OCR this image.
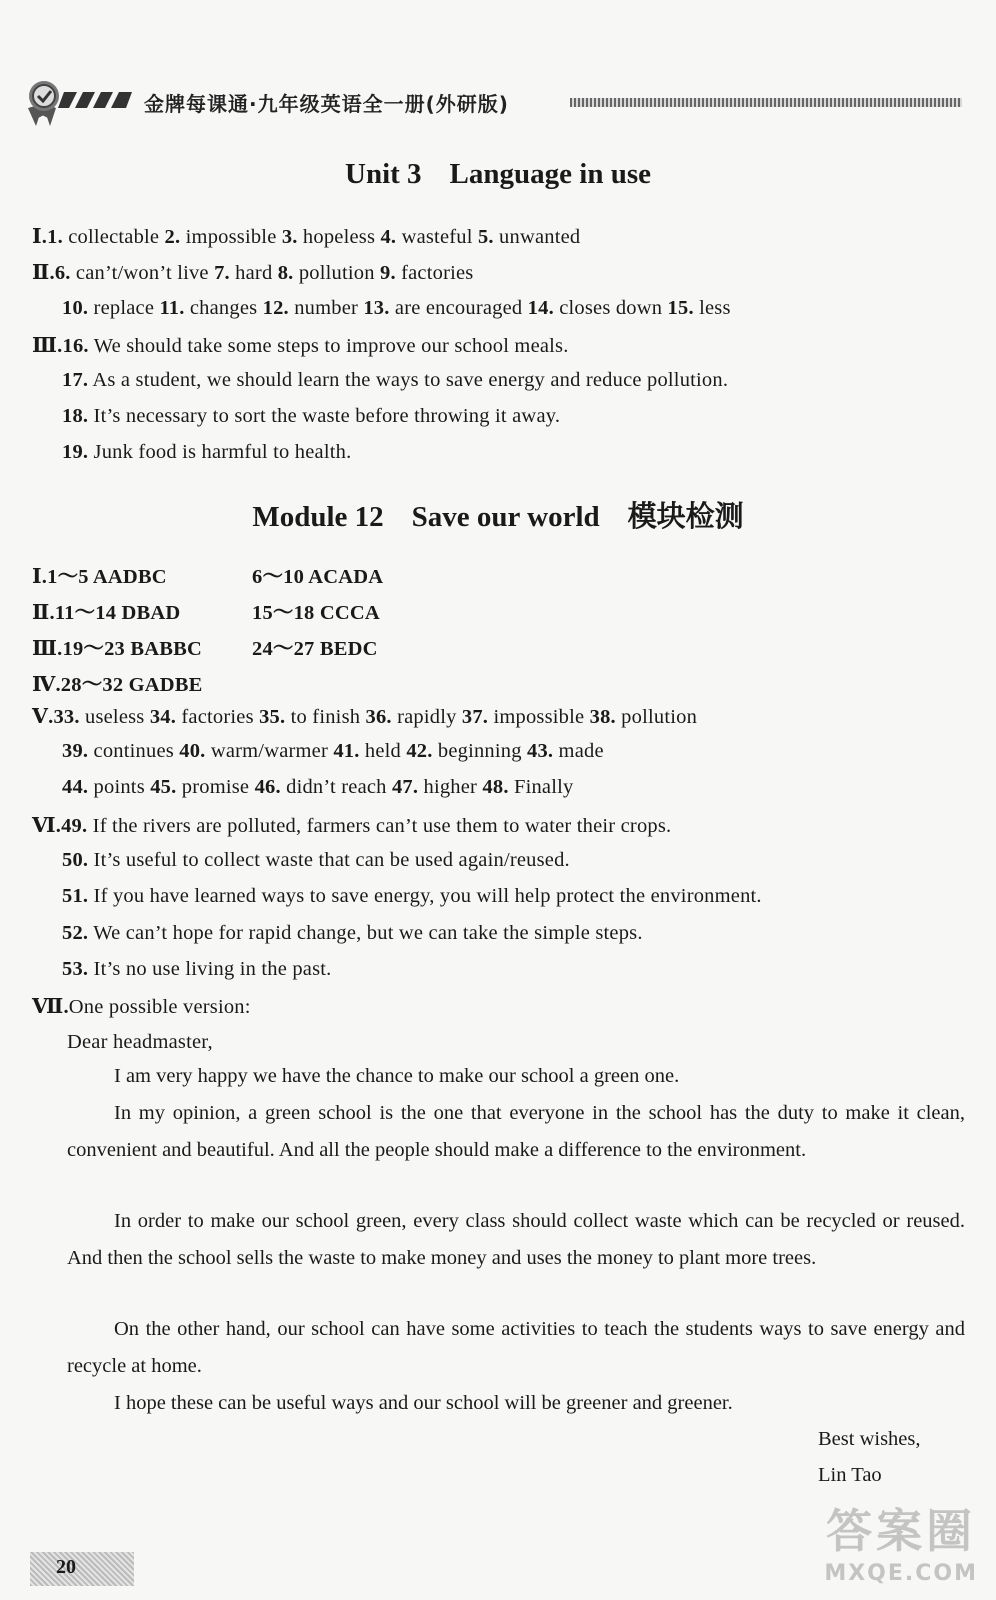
金牌每课通·九年级英语全一册(外研版)
Unit 3 Language in use
Ⅰ.1. collectable 2. impossible 3. hopeless 4. wasteful 5. unwanted
Ⅱ.6. can’t/won’t live 7. hard 8. pollution 9. factories
10. replace 11. changes 12. number 13. are encouraged 14. closes down 15. less
Ⅲ.16. We should take some steps to improve our school meals.
17. As a student, we should learn the ways to save energy and reduce pollution.
18. It’s necessary to sort the waste before throwing it away.
19. Junk food is harmful to health.
Module 12 Save our world 模块检测
Ⅰ.1～5 AADBC	6～10 ACADA
Ⅱ.11～14 DBAD	15～18 CCCA
Ⅲ.19～23 BABBC 24～27 BEDC
Ⅳ.28～32 GADBE
Ⅴ.33. useless 34. factories 35. to finish 36. rapidly 37. impossible 38. pollution
39. continues 40. warm/warmer 41. held 42. beginning 43. made
44. points 45. promise 46. didn’t reach 47. higher 48. Finally
Ⅵ.49. If the rivers are polluted, farmers can’t use them to water their crops.
50. It’s useful to collect waste that can be used again/reused.
51. If you have learned ways to save energy, you will help protect the environment.
52. We can’t hope for rapid change, but we can take the simple steps.
53. It’s no use living in the past.
Ⅶ.One possible version:
Dear headmaster,
I am very happy we have the chance to make our school a green one.
In my opinion, a green school is the one that everyone in the school has the duty to make it clean, convenient and beautiful. And all the people should make a difference to the environment.
In order to make our school green, every class should collect waste which can be recycled or reused. And then the school sells the waste to make money and uses the money to plant more trees.
On the other hand, our school can have some activities to teach the students ways to save energy and recycle at home.
I hope these can be useful ways and our school will be greener and greener.
Best wishes,
Lin Tao
20
答案圈
MXQE.COM
